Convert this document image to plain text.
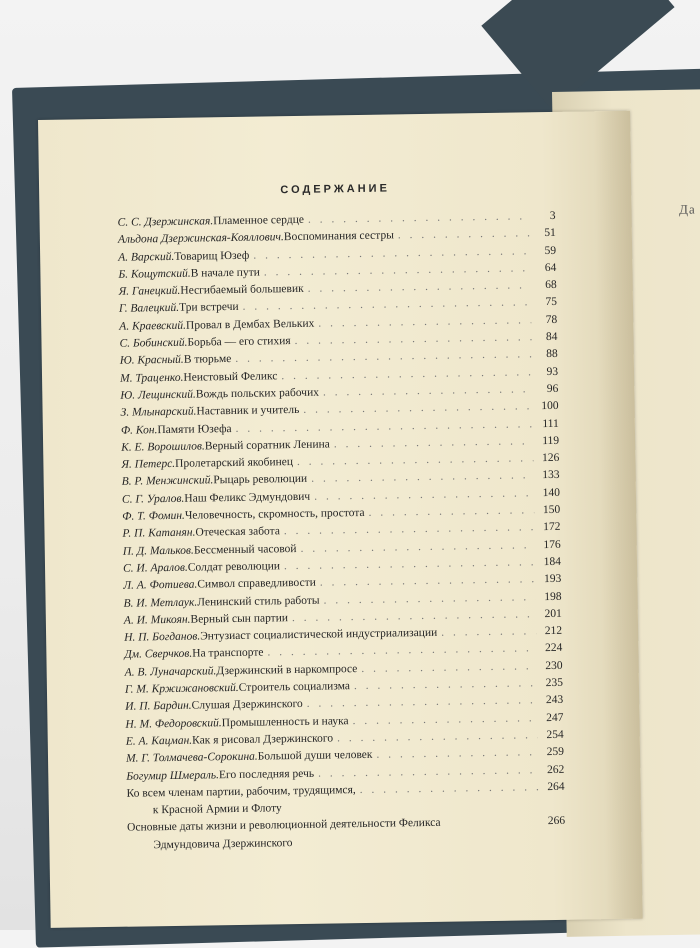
Да
СОДЕРЖАНИЕ
С. С. Дзержинская. Пламенное сердце . . .	3
Альдона Дзержинская-Кояллович. Воспоминания сестры . . .	51
А. Варский. Товарищ Юзеф . . .	59
Б. Кощутский. В начале пути . . .	64
Я. Ганецкий. Несгибаемый большевик . . .	68
Г. Валецкий. Три встречи . . .	75
А. Краевский. Провал в Дембах Вельких . . .	78
С. Бобинский. Борьба — его стихия . . .	84
Ю. Красный. В тюрьме . . .	88
М. Траценко. Неистовый Феликс . . .	93
Ю. Лещинский. Вождь польских рабочих . . .	96
З. Млынарский. Наставник и учитель . . .	100
Ф. Кон. Памяти Юзефа . . .	111
К. Е. Ворошилов. Верный соратник Ленина . . .	119
Я. Петерс. Пролетарский якобинец . . .	126
В. Р. Менжинский. Рыцарь революции . . .	133
С. Г. Уралов. Наш Феликс Эдмундович . . .	140
Ф. Т. Фомин. Человечность, скромность, простота . . .	150
Р. П. Катанян. Отеческая забота . . .	172
П. Д. Мальков. Бессменный часовой . . .	176
С. И. Аралов. Солдат революции . . .	184
Л. А. Фотиева. Символ справедливости . . .	193
В. И. Метлаук. Ленинский стиль работы . . .	198
А. И. Микоян. Верный сын партии . . .	201
Н. П. Богданов. Энтузиаст социалистической индустриализации . . .	212
Дм. Сверчков. На транспорте . . .	224
А. В. Луначарский. Дзержинский в наркомпросе . . .	230
Г. М. Кржижановский. Строитель социализма . . .	235
И. П. Бардин. Слушая Дзержинского . . .	243
Н. М. Федоровский. Промышленность и наука . . .	247
Е. А. Кацман. Как я рисовал Дзержинского . . .	254
М. Г. Толмачева-Сорокина. Большой души человек . . .	259
Богумир Шмераль. Его последняя речь . . .	262
Ко всем членам партии, рабочим, трудящимся, . . .	264
к Красной Армии и Флоту
Основные даты жизни и революционной деятельности Феликса	266
Эдмундовича Дзержинского
